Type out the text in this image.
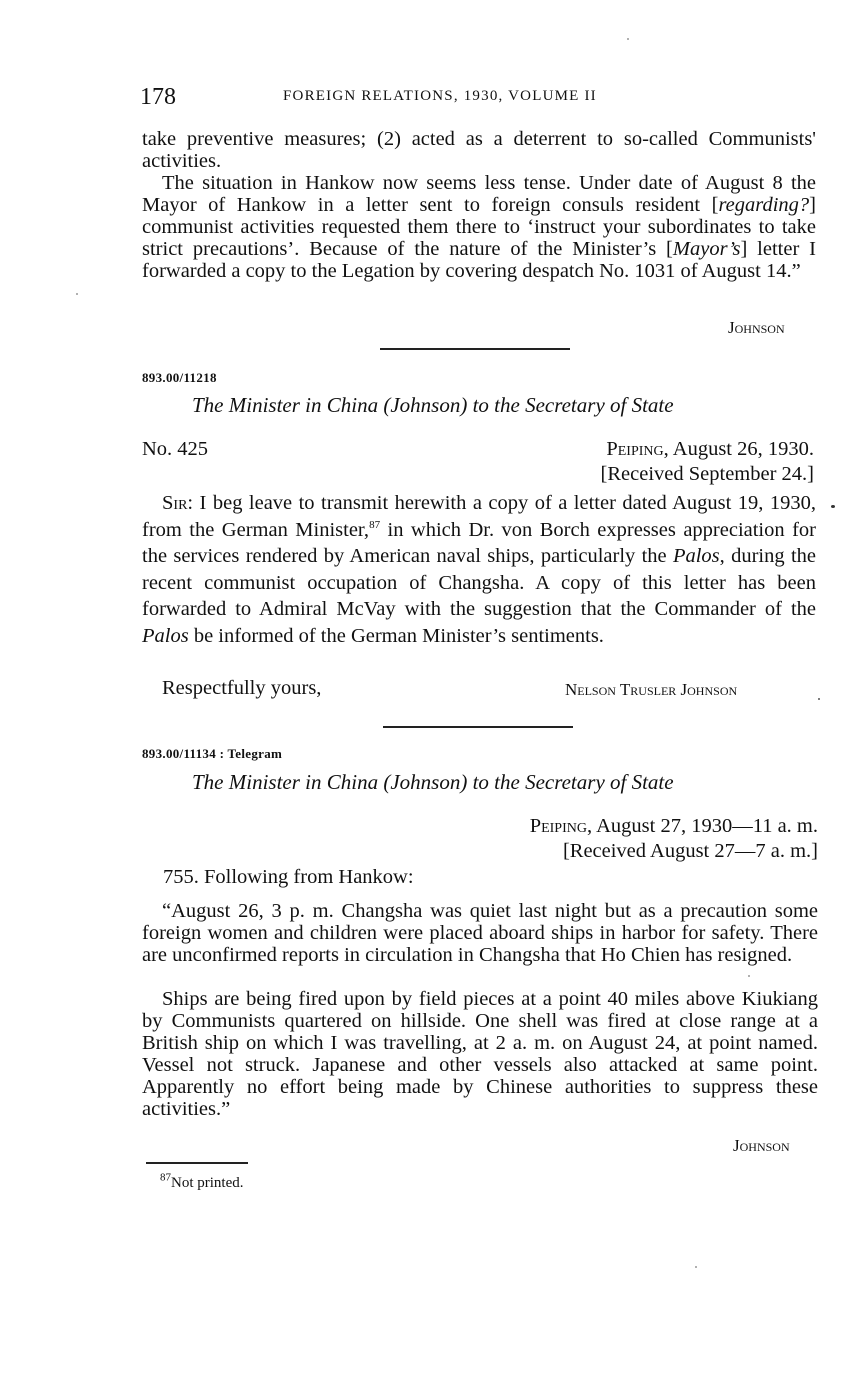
178	FOREIGN RELATIONS, 1930, VOLUME II
take preventive measures; (2) acted as a deterrent to so-called Communists' activities.
The situation in Hankow now seems less tense. Under date of August 8 the Mayor of Hankow in a letter sent to foreign consuls resident [regarding?] communist activities requested them there to ‘instruct your subordinates to take strict precautions’. Because of the nature of the Minister’s [Mayor’s] letter I forwarded a copy to the Legation by covering despatch No. 1031 of August 14.”
Johnson
893.00/11218
The Minister in China (Johnson) to the Secretary of State
No. 425	Peiping, August 26, 1930.
[Received September 24.]
Sir: I beg leave to transmit herewith a copy of a letter dated August 19, 1930, from the German Minister,$^{87}$ in which Dr. von Borch expresses appreciation for the services rendered by American naval ships, particularly the Palos, during the recent communist occupation of Changsha. A copy of this letter has been forwarded to Admiral McVay with the suggestion that the Commander of the Palos be informed of the German Minister’s sentiments.
Respectfully yours,	Nelson Trusler Johnson
893.00/11134 : Telegram
The Minister in China (Johnson) to the Secretary of State
Peiping, August 27, 1930—11 a. m.
[Received August 27—7 a. m.]
755. Following from Hankow:
“August 26, 3 p. m. Changsha was quiet last night but as a precaution some foreign women and children were placed aboard ships in harbor for safety. There are unconfirmed reports in circulation in Changsha that Ho Chien has resigned.
Ships are being fired upon by field pieces at a point 40 miles above Kiukiang by Communists quartered on hillside. One shell was fired at close range at a British ship on which I was travelling, at 2 a. m. on August 24, at point named. Vessel not struck. Japanese and other vessels also attacked at same point. Apparently no effort being made by Chinese authorities to suppress these activities.”
Johnson
$^{87}$Not printed.
